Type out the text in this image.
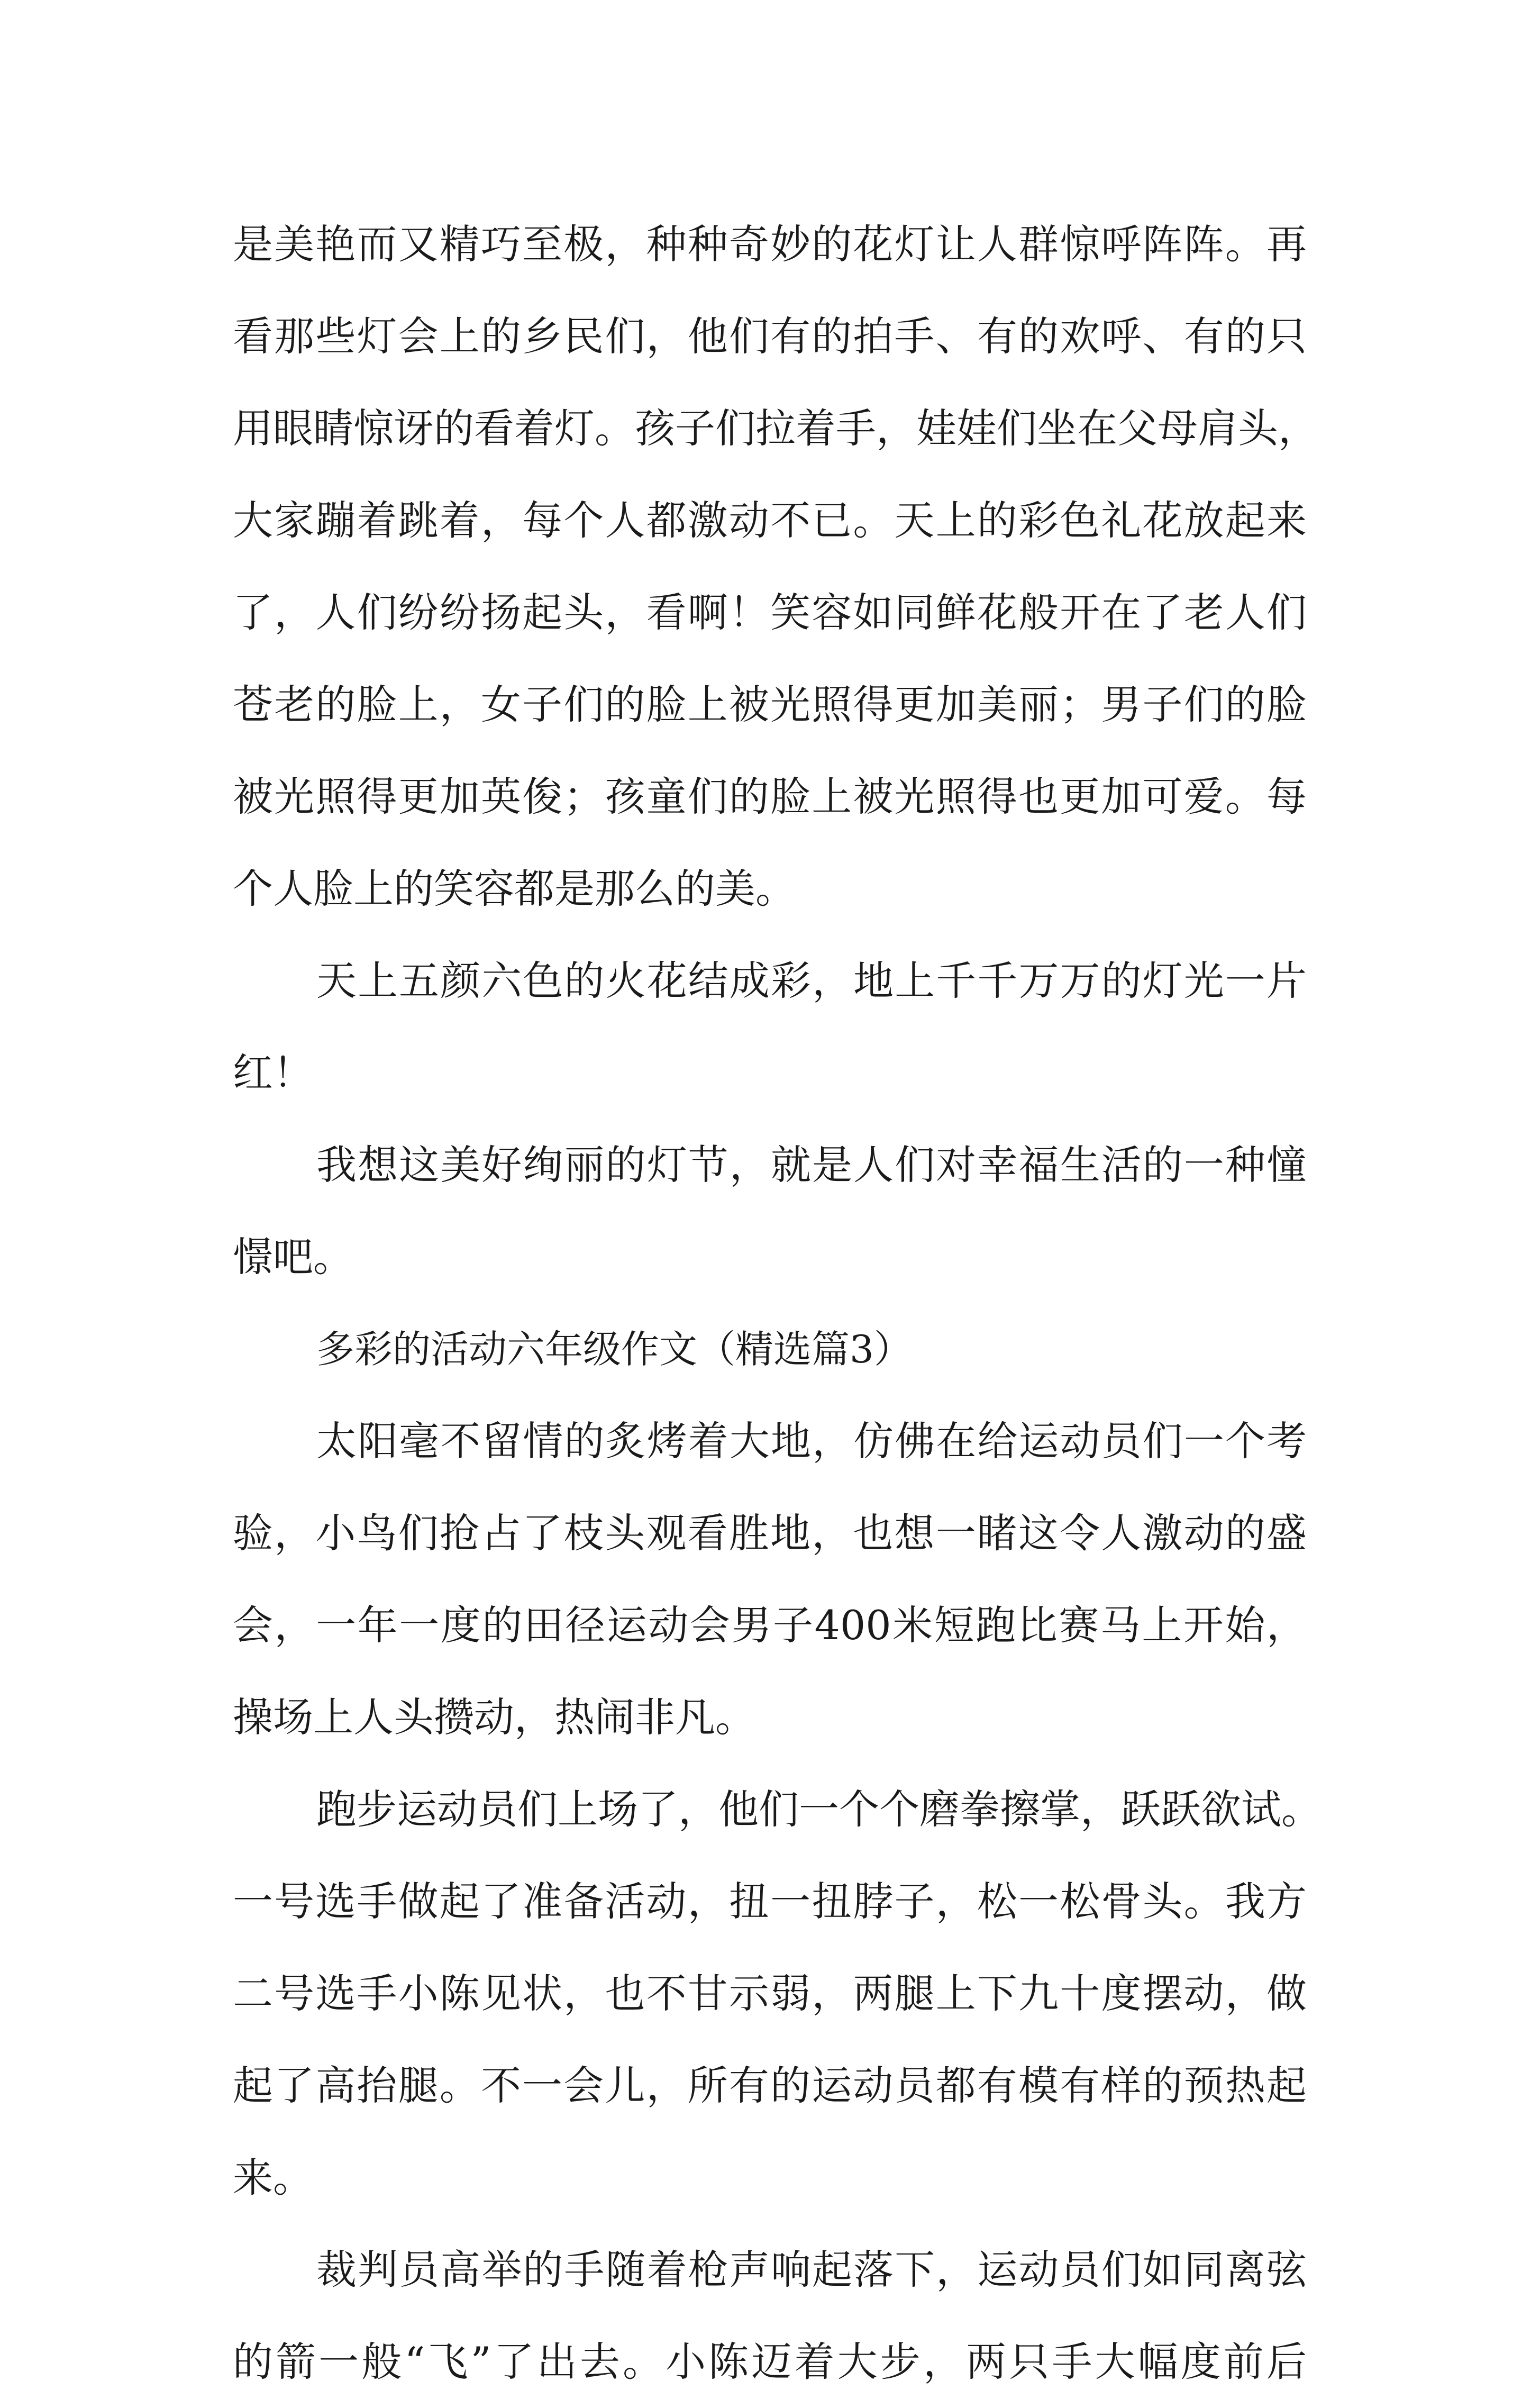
是美艳而又精巧至极，种种奇妙的花灯让人群惊呼阵阵。再
看那些灯会上的乡民们，他们有的拍手、有的欢呼、有的只
用眼睛惊讶的看着灯。孩子们拉着手，娃娃们坐在父母肩头，
大家蹦着跳着，每个人都激动不已。天上的彩色礼花放起来
了，人们纷纷扬起头，看啊！笑容如同鲜花般开在了老人们
苍老的脸上，女子们的脸上被光照得更加美丽；男子们的脸
被光照得更加英俊；孩童们的脸上被光照得也更加可爱。每
个人脸上的笑容都是那么的美。
天上五颜六色的火花结成彩，地上千千万万的灯光一片
红！
我想这美好绚丽的灯节，就是人们对幸福生活的一种憧
憬吧。
多彩的活动六年级作文（精选篇3）
太阳毫不留情的炙烤着大地，仿佛在给运动员们一个考
验，小鸟们抢占了枝头观看胜地，也想一睹这令人激动的盛
会，一年一度的田径运动会男子400米短跑比赛马上开始，
操场上人头攒动，热闹非凡。
跑步运动员们上场了，他们一个个磨拳擦掌，跃跃欲试。
一号选手做起了准备活动，扭一扭脖子，松一松骨头。我方
二号选手小陈见状，也不甘示弱，两腿上下九十度摆动，做
起了高抬腿。不一会儿，所有的运动员都有模有样的预热起
来。
裁判员高举的手随着枪声响起落下，运动员们如同离弦
的箭一般“飞”了出去。小陈迈着大步，两只手大幅度前后
